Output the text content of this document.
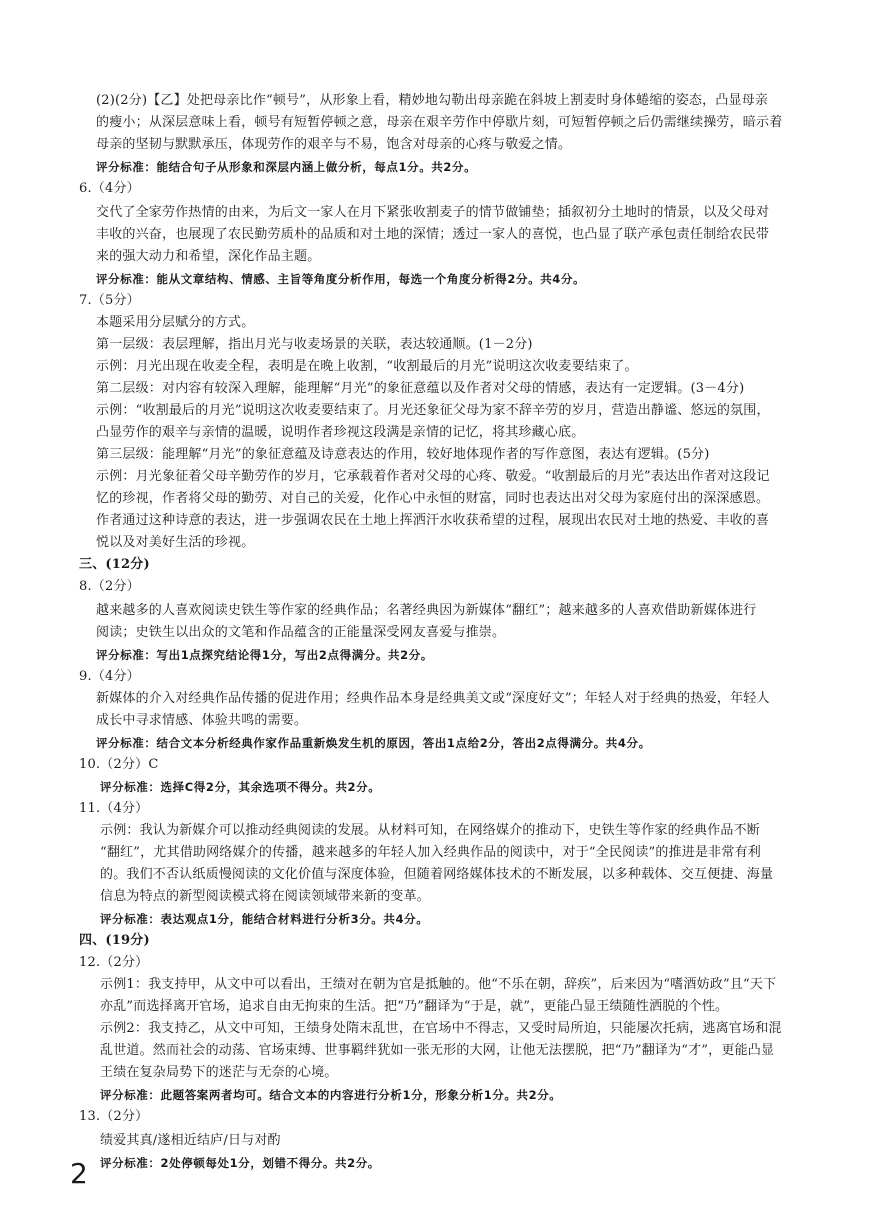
(2)(2分)【乙】处把母亲比作“顿号”，从形象上看，精妙地勾勒出母亲跪在斜坡上割麦时身体蜷缩的姿态，凸显母亲
的瘦小；从深层意味上看，顿号有短暂停顿之意，母亲在艰辛劳作中停歇片刻，可短暂停顿之后仍需继续操劳，暗示着
母亲的坚韧与默默承压，体现劳作的艰辛与不易，饱含对母亲的心疼与敬爱之情。
评分标准：能结合句子从形象和深层内涵上做分析，每点1分。共2分。
6.（4分）
交代了全家劳作热情的由来，为后文一家人在月下紧张收割麦子的情节做铺垫；插叙初分土地时的情景，以及父母对
丰收的兴奋，也展现了农民勤劳质朴的品质和对土地的深情；透过一家人的喜悦，也凸显了联产承包责任制给农民带
来的强大动力和希望，深化作品主题。
评分标准：能从文章结构、情感、主旨等角度分析作用，每选一个角度分析得2分。共4分。
7.（5分）
本题采用分层赋分的方式。
第一层级：表层理解，指出月光与收麦场景的关联，表达较通顺。(1－2分)
示例：月光出现在收麦全程，表明是在晚上收割，“收割最后的月光”说明这次收麦要结束了。
第二层级：对内容有较深入理解，能理解“月光”的象征意蕴以及作者对父母的情感，表达有一定逻辑。(3－4分)
示例：“收割最后的月光”说明这次收麦要结束了。月光还象征父母为家不辞辛劳的岁月，营造出静谧、悠远的氛围，
凸显劳作的艰辛与亲情的温暖，说明作者珍视这段满是亲情的记忆，将其珍藏心底。
第三层级：能理解“月光”的象征意蕴及诗意表达的作用，较好地体现作者的写作意图，表达有逻辑。(5分)
示例：月光象征着父母辛勤劳作的岁月，它承载着作者对父母的心疼、敬爱。“收割最后的月光”表达出作者对这段记
忆的珍视，作者将父母的勤劳、对自己的关爱，化作心中永恒的财富，同时也表达出对父母为家庭付出的深深感恩。
作者通过这种诗意的表达，进一步强调农民在土地上挥洒汗水收获希望的过程，展现出农民对土地的热爱、丰收的喜
悦以及对美好生活的珍视。
三、(12分)
8.（2分）
越来越多的人喜欢阅读史铁生等作家的经典作品；名著经典因为新媒体“翻红”；越来越多的人喜欢借助新媒体进行
阅读；史铁生以出众的文笔和作品蕴含的正能量深受网友喜爱与推崇。
评分标准：写出1点探究结论得1分，写出2点得满分。共2分。
9.（4分）
新媒体的介入对经典作品传播的促进作用；经典作品本身是经典美文或“深度好文”；年轻人对于经典的热爱，年轻人
成长中寻求情感、体验共鸣的需要。
评分标准：结合文本分析经典作家作品重新焕发生机的原因，答出1点给2分，答出2点得满分。共4分。
10.（2分）C
评分标准：选择C得2分，其余选项不得分。共2分。
11.（4分）
示例：我认为新媒介可以推动经典阅读的发展。从材料可知，在网络媒介的推动下，史铁生等作家的经典作品不断
“翻红”，尤其借助网络媒介的传播，越来越多的年轻人加入经典作品的阅读中，对于“全民阅读”的推进是非常有利
的。我们不否认纸质慢阅读的文化价值与深度体验，但随着网络媒体技术的不断发展，以多种载体、交互便捷、海量
信息为特点的新型阅读模式将在阅读领域带来新的变革。
评分标准：表达观点1分，能结合材料进行分析3分。共4分。
四、(19分)
12.（2分）
示例1：我支持甲，从文中可以看出，王绩对在朝为官是抵触的。他“不乐在朝，辞疾”，后来因为“嗜酒妨政”且“天下
亦乱”而选择离开官场，追求自由无拘束的生活。把“乃”翻译为“于是，就”，更能凸显王绩随性洒脱的个性。
示例2：我支持乙，从文中可知，王绩身处隋末乱世，在官场中不得志，又受时局所迫，只能屡次托病，逃离官场和混
乱世道。然而社会的动荡、官场束缚、世事羁绊犹如一张无形的大网，让他无法摆脱，把“乃”翻译为“才”，更能凸显
王绩在复杂局势下的迷茫与无奈的心境。
评分标准：此题答案两者均可。结合文本的内容进行分析1分，形象分析1分。共2分。
13.（2分）
绩爱其真/遂相近结庐/日与对酌
评分标准：2处停顿每处1分，划错不得分。共2分。
2
